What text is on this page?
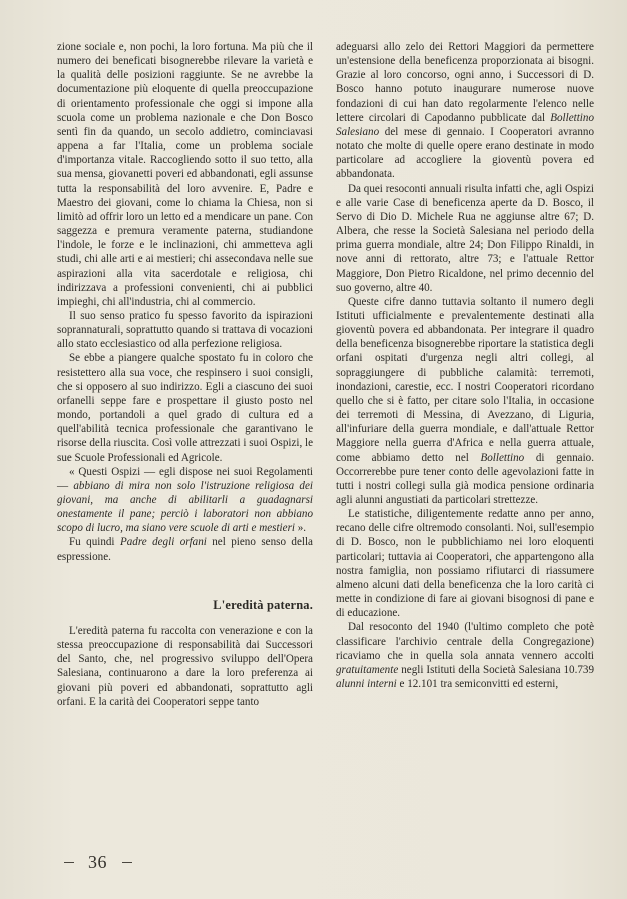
zione sociale e, non pochi, la loro fortuna. Ma più che il numero dei beneficati bisognerebbe rilevare la varietà e la qualità delle posizioni raggiunte. Se ne avrebbe la documentazione più eloquente di quella preoccupazione di orientamento professionale che oggi si impone alla scuola come un problema nazionale e che Don Bosco sentì fin da quando, un secolo addietro, cominciavasi appena a far l'Italia, come un problema sociale d'importanza vitale. Raccogliendo sotto il suo tetto, alla sua mensa, giovanetti poveri ed abbandonati, egli assunse tutta la responsabilità del loro avvenire. E, Padre e Maestro dei giovani, come lo chiama la Chiesa, non si limitò ad offrir loro un letto ed a mendicare un pane. Con saggezza e premura veramente paterna, studiandone l'indole, le forze e le inclinazioni, chi ammetteva agli studi, chi alle arti e ai mestieri; chi assecondava nelle sue aspirazioni alla vita sacerdotale e religiosa, chi indirizzava a professioni convenienti, chi ai pubblici impieghi, chi all'industria, chi al commercio.

Il suo senso pratico fu spesso favorito da ispirazioni soprannaturali, soprattutto quando si trattava di vocazioni allo stato ecclesiastico od alla perfezione religiosa.

Se ebbe a piangere qualche spostato fu in coloro che resistettero alla sua voce, che respinsero i suoi consigli, che si opposero al suo indirizzo. Egli a ciascuno dei suoi orfanelli seppe fare e prospettare il giusto posto nel mondo, portandoli a quel grado di cultura ed a quell'abilità tecnica professionale che garantivano le risorse della riuscita. Così volle attrezzati i suoi Ospizi, le sue Scuole Professionali ed Agricole.

« Questi Ospizi — egli dispose nei suoi Regolamenti — abbiano di mira non solo l'istruzione religiosa dei giovani, ma anche di abilitarli a guadagnarsi onestamente il pane; perciò i laboratori non abbiano scopo di lucro, ma siano vere scuole di arti e mestieri ».

Fu quindi Padre degli orfani nel pieno senso della espressione.

L'eredità paterna.

L'eredità paterna fu raccolta con venerazione e con la stessa preoccupazione di responsabilità dai Successori del Santo, che, nel progressivo sviluppo dell'Opera Salesiana, continuarono a dare la loro preferenza ai giovani più poveri ed abbandonati, soprattutto agli orfani. E la carità dei Cooperatori seppe tanto

adeguarsi allo zelo dei Rettori Maggiori da permettere un'estensione della beneficenza proporzionata ai bisogni. Grazie al loro concorso, ogni anno, i Successori di D. Bosco hanno potuto inaugurare numerose nuove fondazioni di cui han dato regolarmente l'elenco nelle lettere circolari di Capodanno pubblicate dal Bollettino Salesiano del mese di gennaio. I Cooperatori avranno notato che molte di quelle opere erano destinate in modo particolare ad accogliere la gioventù povera ed abbandonata.

Da quei resoconti annuali risulta infatti che, agli Ospizi e alle varie Case di beneficenza aperte da D. Bosco, il Servo di Dio D. Michele Rua ne aggiunse altre 67; D. Albera, che resse la Società Salesiana nel periodo della prima guerra mondiale, altre 24; Don Filippo Rinaldi, in nove anni di rettorato, altre 73; e l'attuale Rettor Maggiore, Don Pietro Ricaldone, nel primo decennio del suo governo, altre 40.

Queste cifre danno tuttavia soltanto il numero degli Istituti ufficialmente e prevalentemente destinati alla gioventù povera ed abbandonata. Per integrare il quadro della beneficenza bisognerebbe riportare la statistica degli orfani ospitati d'urgenza negli altri collegi, al sopraggiungere di pubbliche calamità: terremoti, inondazioni, carestie, ecc. I nostri Cooperatori ricordano quello che si è fatto, per citare solo l'Italia, in occasione dei terremoti di Messina, di Avezzano, di Liguria, all'infuriare della guerra mondiale, e dall'attuale Rettor Maggiore nella guerra d'Africa e nella guerra attuale, come abbiamo detto nel Bollettino di gennaio. Occorrerebbe pure tener conto delle agevolazioni fatte in tutti i nostri collegi sulla già modica pensione ordinaria agli alunni angustiati da particolari strettezze.

Le statistiche, diligentemente redatte anno per anno, recano delle cifre oltremodo consolanti. Noi, sull'esempio di D. Bosco, non le pubblichiamo nei loro eloquenti particolari; tuttavia ai Cooperatori, che appartengono alla nostra famiglia, non possiamo rifiutarci di riassumere almeno alcuni dati della beneficenza che la loro carità ci mette in condizione di fare ai giovani bisognosi di pane e di educazione.

Dal resoconto del 1940 (l'ultimo completo che potè classificare l'archivio centrale della Congregazione) ricaviamo che in quella sola annata vennero accolti gratuitamente negli Istituti della Società Salesiana 10.739 alunni interni e 12.101 tra semiconvitti ed esterni,

36
